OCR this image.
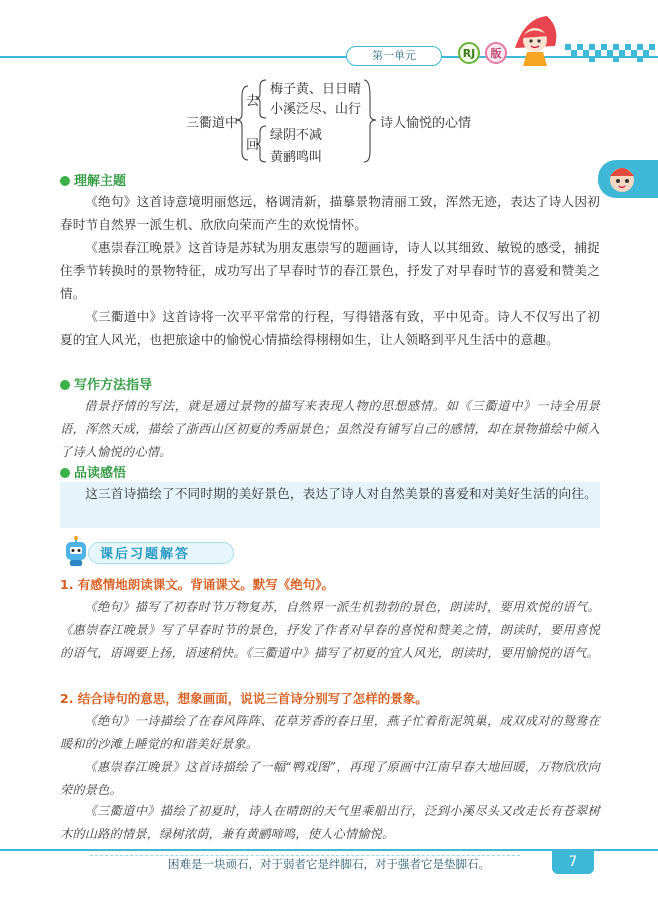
第一单元	RJ	版
三衢道中
去
回
梅子黄、日日晴
小溪泛尽、山行
绿阴不减
黄鹂鸣叫
诗人愉悦的心情
理解主题
《绝句》这首诗意境明丽悠远，格调清新，描摹景物清丽工致，浑然无迹，表达了诗人因初春时节自然界一派生机、欣欣向荣而产生的欢悦情怀。
《惠崇春江晚景》这首诗是苏轼为朋友惠崇写的题画诗，诗人以其细致、敏锐的感受，捕捉住季节转换时的景物特征，成功写出了早春时节的春江景色，抒发了对早春时节的喜爱和赞美之情。
《三衢道中》这首诗将一次平平常常的行程，写得错落有致，平中见奇。诗人不仅写出了初夏的宜人风光，也把旅途中的愉悦心情描绘得栩栩如生，让人领略到平凡生活中的意趣。
写作方法指导
借景抒情的写法，就是通过景物的描写来表现人物的思想感情。如《三衢道中》一诗全用景语，浑然天成，描绘了浙西山区初夏的秀丽景色；虽然没有铺写自己的感情，却在景物描绘中倾入了诗人愉悦的心情。
品读感悟
这三首诗描绘了不同时期的美好景色，表达了诗人对自然美景的喜爱和对美好生活的向往。
课后习题解答
1. 有感情地朗读课文。背诵课文。默写《绝句》。
《绝句》描写了初春时节万物复苏，自然界一派生机勃勃的景色，朗读时，要用欢悦的语气。《惠崇春江晚景》写了早春时节的景色，抒发了作者对早春的喜悦和赞美之情，朗读时，要用喜悦的语气，语调要上扬，语速稍快。《三衢道中》描写了初夏的宜人风光，朗读时，要用愉悦的语气。
2. 结合诗句的意思，想象画面，说说三首诗分别写了怎样的景象。
《绝句》一诗描绘了在春风阵阵、花草芳香的春日里，燕子忙着衔泥筑巢，成双成对的鸳鸯在暖和的沙滩上睡觉的和谐美好景象。
《惠崇春江晚景》这首诗描绘了一幅“鸭戏图”，再现了原画中江南早春大地回暖，万物欣欣向荣的景色。
《三衢道中》描绘了初夏时，诗人在晴朗的天气里乘船出行，泛到小溪尽头又改走长有苍翠树木的山路的情景，绿树浓荫，兼有黄鹂啼鸣，使人心情愉悦。
困难是一块顽石，对于弱者它是绊脚石，对于强者它是垫脚石。	7
